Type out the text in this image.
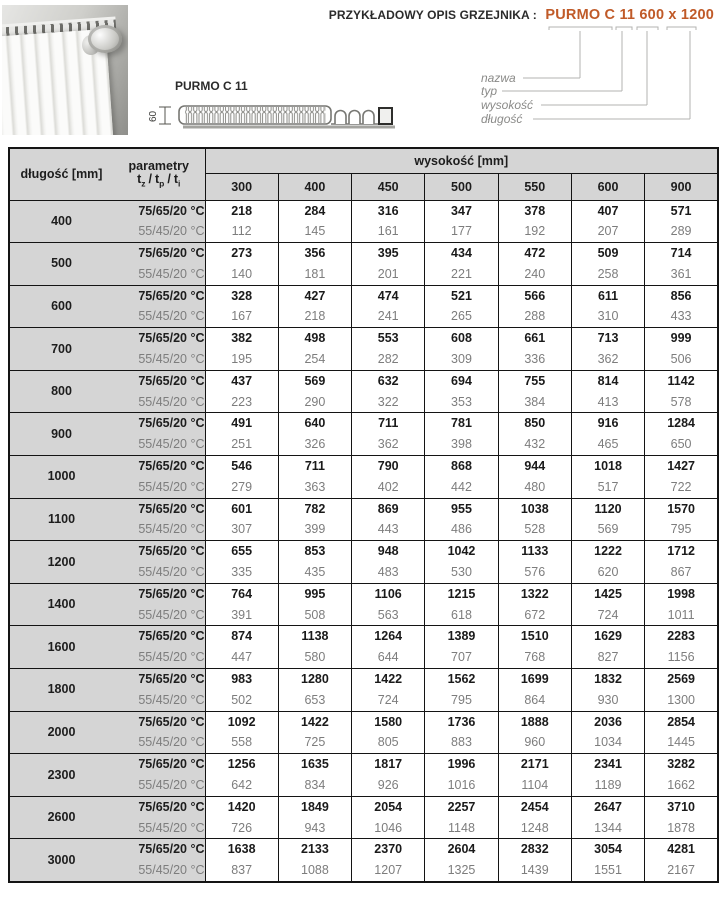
PRZYKŁADOWY OPIS GRZEJNIKA : PURMO C 11 600 x 1200
nazwa
typ
wysokość
długość
PURMO C 11
60
długość [mm]	parametry
$t_z / t_p / t_i$	wysokość [mm]						
		300	400	450	500	550	600	900
400	75/65/20 °C	218	284	316	347	378	407	571
	55/45/20 °C	112	145	161	177	192	207	289
500	75/65/20 °C	273	356	395	434	472	509	714
	55/45/20 °C	140	181	201	221	240	258	361
600	75/65/20 °C	328	427	474	521	566	611	856
	55/45/20 °C	167	218	241	265	288	310	433
700	75/65/20 °C	382	498	553	608	661	713	999
	55/45/20 °C	195	254	282	309	336	362	506
800	75/65/20 °C	437	569	632	694	755	814	1142
	55/45/20 °C	223	290	322	353	384	413	578
900	75/65/20 °C	491	640	711	781	850	916	1284
	55/45/20 °C	251	326	362	398	432	465	650
1000	75/65/20 °C	546	711	790	868	944	1018	1427
	55/45/20 °C	279	363	402	442	480	517	722
1100	75/65/20 °C	601	782	869	955	1038	1120	1570
	55/45/20 °C	307	399	443	486	528	569	795
1200	75/65/20 °C	655	853	948	1042	1133	1222	1712
	55/45/20 °C	335	435	483	530	576	620	867
1400	75/65/20 °C	764	995	1106	1215	1322	1425	1998
	55/45/20 °C	391	508	563	618	672	724	1011
1600	75/65/20 °C	874	1138	1264	1389	1510	1629	2283
	55/45/20 °C	447	580	644	707	768	827	1156
1800	75/65/20 °C	983	1280	1422	1562	1699	1832	2569
	55/45/20 °C	502	653	724	795	864	930	1300
2000	75/65/20 °C	1092	1422	1580	1736	1888	2036	2854
	55/45/20 °C	558	725	805	883	960	1034	1445
2300	75/65/20 °C	1256	1635	1817	1996	2171	2341	3282
	55/45/20 °C	642	834	926	1016	1104	1189	1662
2600	75/65/20 °C	1420	1849	2054	2257	2454	2647	3710
	55/45/20 °C	726	943	1046	1148	1248	1344	1878
3000	75/65/20 °C	1638	2133	2370	2604	2832	3054	4281
	55/45/20 °C	837	1088	1207	1325	1439	1551	2167
